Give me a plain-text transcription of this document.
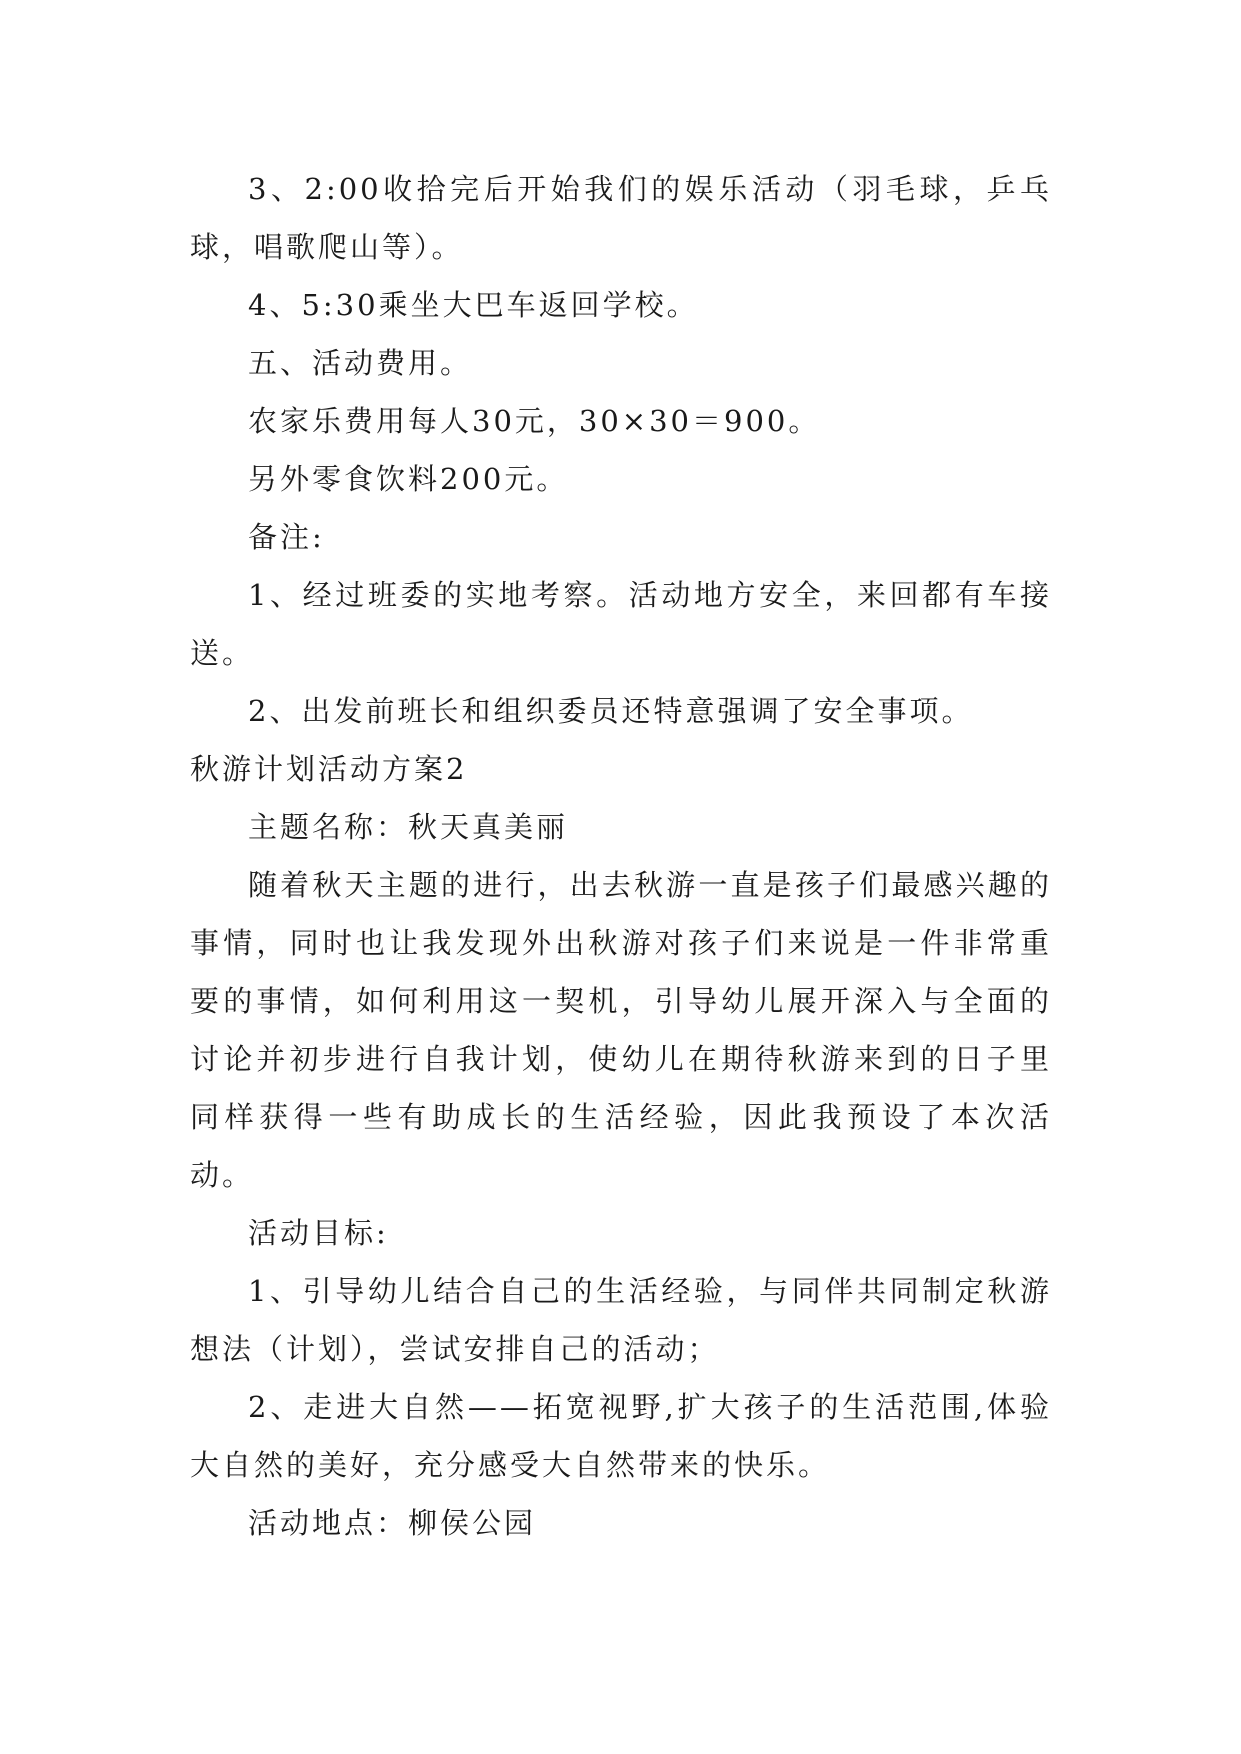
3、2:00收拾完后开始我们的娱乐活动（羽毛球，乒乓球，唱歌爬山等）。

4、5:30乘坐大巴车返回学校。

五、活动费用。

农家乐费用每人30元，30×30＝900。

另外零食饮料200元。

备注:

1、经过班委的实地考察。活动地方安全，来回都有车接送。

2、出发前班长和组织委员还特意强调了安全事项。

秋游计划活动方案2

主题名称：秋天真美丽

随着秋天主题的进行，出去秋游一直是孩子们最感兴趣的事情，同时也让我发现外出秋游对孩子们来说是一件非常重要的事情，如何利用这一契机，引导幼儿展开深入与全面的讨论并初步进行自我计划，使幼儿在期待秋游来到的日子里同样获得一些有助成长的生活经验，因此我预设了本次活动。

活动目标:

1、引导幼儿结合自己的生活经验，与同伴共同制定秋游想法（计划），尝试安排自己的活动；

2、走进大自然——拓宽视野,扩大孩子的生活范围,体验大自然的美好，充分感受大自然带来的快乐。

活动地点：柳侯公园
